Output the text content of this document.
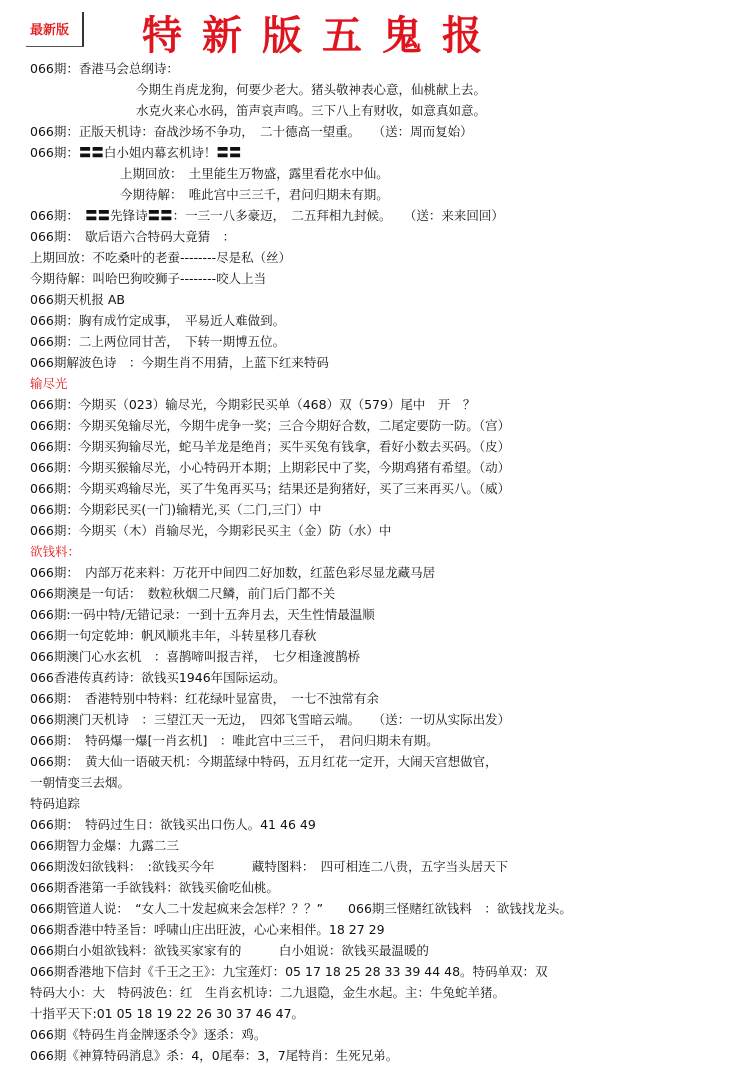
最新版 特新版五鬼报
066期：香港马会总纲诗：
今期生肖虎龙狗，何要少老大。猪头敬神表心意，仙桃献上去。
水克火来心水码，笛声哀声鸣。三下八上有财收，如意真如意。
066期：正版天机诗：奋战沙场不争功，　二十德高一望重。　　（送：周而复始）
066期：〓〓白小姐内幕玄机诗！〓〓
上期回放：　土里能生万物盛，露里看花水中仙。
今期待解：　唯此宫中三三千，君问归期未有期。
066期：　〓〓先锋诗〓〓：一三一八多豪迈，　二五拜相九封候。　　（送：来来回回）
066期：　歇后语六合特码大竟猜　：
上期回放：不吃桑叶的老蚕--------尽是私（丝）
今期待解：叫哈巴狗咬狮子--------咬人上当
066期天机报 AB
066期：胸有成竹定成事，　平易近人难做到。
066期：二上两位同甘苦，　下转一期博五位。
066期解波色诗　：今期生肖不用猜，上蓝下红来特码
输尽光
066期：今期买（023）输尽光，今期彩民买单（468）双（579）尾中　开　？
066期：今期买兔输尽光，今期牛虎争一奖；三合今期好合数，二尾定要防一防。（宫）
066期：今期买狗输尽光，蛇马羊龙是绝肖；买牛买兔有钱拿，看好小数去买码。（皮）
066期：今期买猴输尽光，小心特码开本期；上期彩民中了奖，今期鸡猪有希望。（动）
066期：今期买鸡输尽光，买了牛兔再买马；结果还是狗猪好，买了三来再买八。（威）
066期：今期彩民买(一门)输精光,买（二门,三门）中
066期：今期买（木）肖输尽光，今期彩民买主（金）防（水）中
欲钱料：
066期：　内部万花来料：万花开中间四二好加数，红蓝色彩尽显龙藏马居
066期澳是一句话：　数粒秋烟二尺鳞，前门后门都不关
066期:一码中特/无错记录：一到十五奔月去，天生性情最温顺
066期一句定乾坤：帆风顺兆丰年，斗转星移几春秋
066期澳门心水玄机　：喜鹊啼叫报吉祥，　七夕相逢渡鹊桥
066香港传真药诗：欲钱买1946年国际运动。
066期：　香港特别中特料：红花绿叶显富贵，　一七不浊常有余
066期澳门天机诗　：三望江天一无边，　四郊飞雪暗云端。　　（送：一切从实际出发）
066期：　特码爆一爆[一肖玄机]　：唯此宫中三三千，　君问归期未有期。
066期：　黄大仙一语破天机：今期蓝绿中特码，五月红花一定开，大闹天宫想做官，
一朝情变三去烟。
特码追踪
066期：　特码过生日：欲钱买出口伤人。41 46 49
066期智力金爆：九露二三
066期泼妇欲钱料：　:欲钱买今年　　　藏特图料：　四可相连二八贵，五字当头居天下
066期香港第一手欲钱料：欲钱买偷吃仙桃。
066期管道人说：　“女人二十发起疯来会怎样？？？”　　066期三怪赌红欲钱料　：欲钱找龙头。
066期香港中特圣旨：呼啸山庄出旺波，心心来相伴。18 27 29
066期白小姐欲钱料：欲钱买家家有的　　　白小姐说：欲钱买最温暖的
066期香港地下信封《千王之王》：九宝莲灯：05 17 18 25 28 33 39 44 48。特码单双：双
特码大小：大　特码波色：红　生肖玄机诗：二九退隐，金生水起。主：牛兔蛇羊猪。
十指平天下:01 05 18 19 22 26 30 37 46 47。
066期《特码生肖金牌逐杀令》逐杀：鸡。
066期《神算特码消息》杀：4，0尾奉：3，7尾特肖：生死兄弟。
